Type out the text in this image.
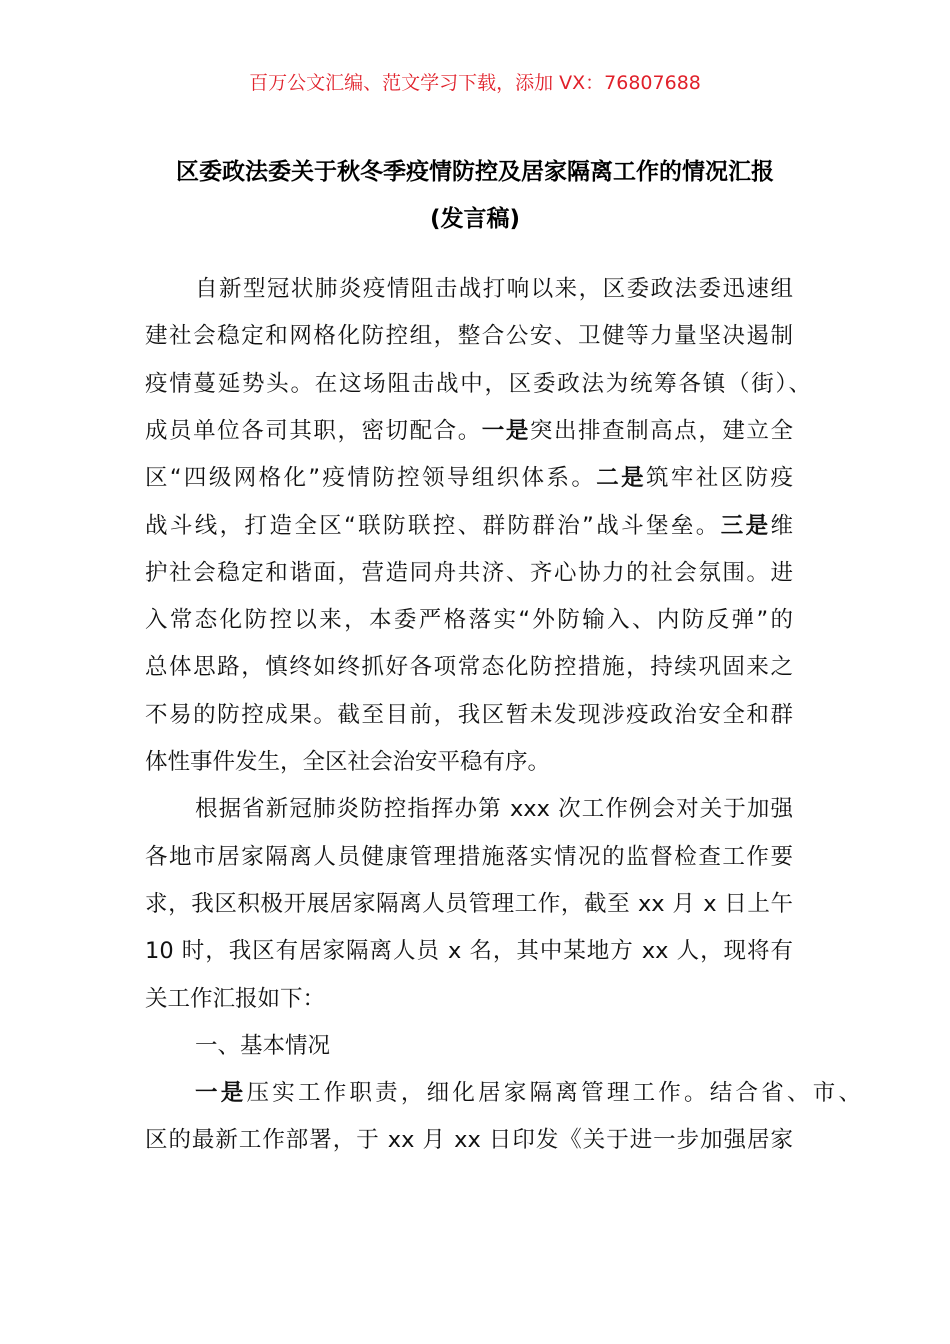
百万公文汇编、范文学习下载，添加 VX：76807688
区委政法委关于秋冬季疫情防控及居家隔离工作的情况汇报
(发言稿)
自新型冠状肺炎疫情阻击战打响以来，区委政法委迅速组
建社会稳定和网格化防控组，整合公安、卫健等力量坚决遏制
疫情蔓延势头。在这场阻击战中，区委政法为统筹各镇（街）、
成员单位各司其职，密切配合。一是突出排查制高点，建立全
区“四级网格化”疫情防控领导组织体系。二是筑牢社区防疫
战斗线，打造全区“联防联控、群防群治”战斗堡垒。三是维
护社会稳定和谐面，营造同舟共济、齐心协力的社会氛围。进
入常态化防控以来，本委严格落实“外防输入、内防反弹”的
总体思路，慎终如终抓好各项常态化防控措施，持续巩固来之
不易的防控成果。截至目前，我区暂未发现涉疫政治安全和群
体性事件发生，全区社会治安平稳有序。
根据省新冠肺炎防控指挥办第 xxx 次工作例会对关于加强
各地市居家隔离人员健康管理措施落实情况的监督检查工作要
求，我区积极开展居家隔离人员管理工作，截至 xx 月 x 日上午
10 时，我区有居家隔离人员 x 名，其中某地方 xx 人，现将有
关工作汇报如下：
一、基本情况
一是压实工作职责，细化居家隔离管理工作。结合省、市、
区的最新工作部署，于 xx 月 xx 日印发《关于进一步加强居家
